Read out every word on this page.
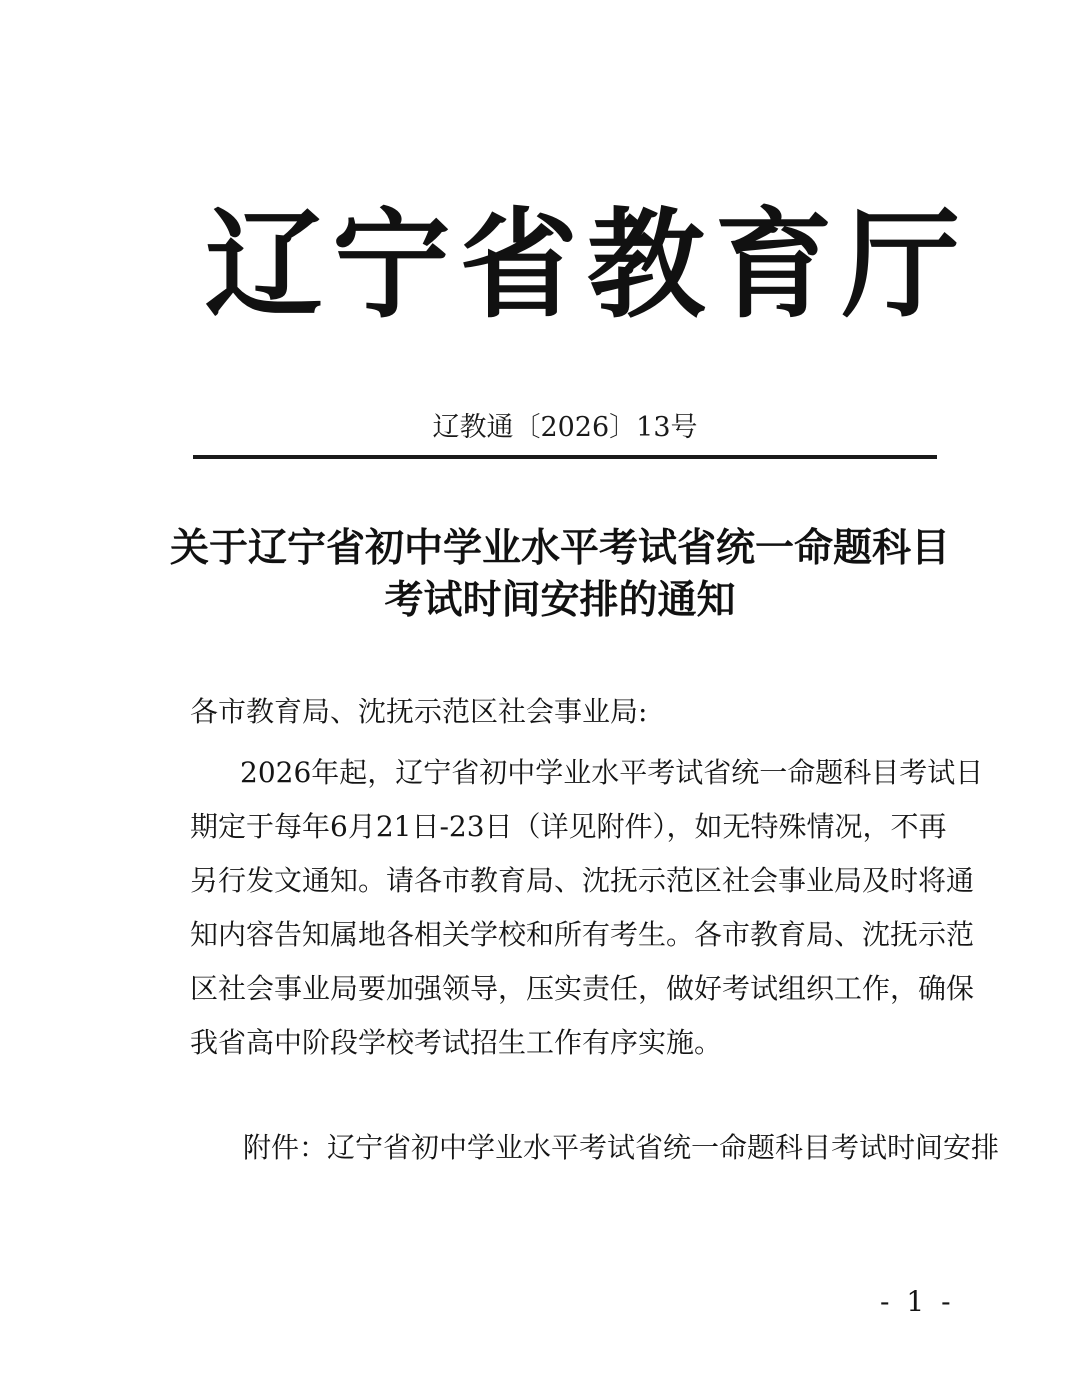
辽 宁 省 教 育 厅
辽教通〔2026〕13号
关于辽宁省初中学业水平考试省统一命题科目
考试时间安排的通知
各市教育局、沈抚示范区社会事业局:
2026年起，辽宁省初中学业水平考试省统一命题科目考试日
期定于每年6月21日-23日（详见附件），如无特殊情况，不再
另行发文通知。请各市教育局、沈抚示范区社会事业局及时将通
知内容告知属地各相关学校和所有考生。各市教育局、沈抚示范
区社会事业局要加强领导，压实责任，做好考试组织工作，确保
我省高中阶段学校考试招生工作有序实施。
附件：辽宁省初中学业水平考试省统一命题科目考试时间安排
- 1 -
